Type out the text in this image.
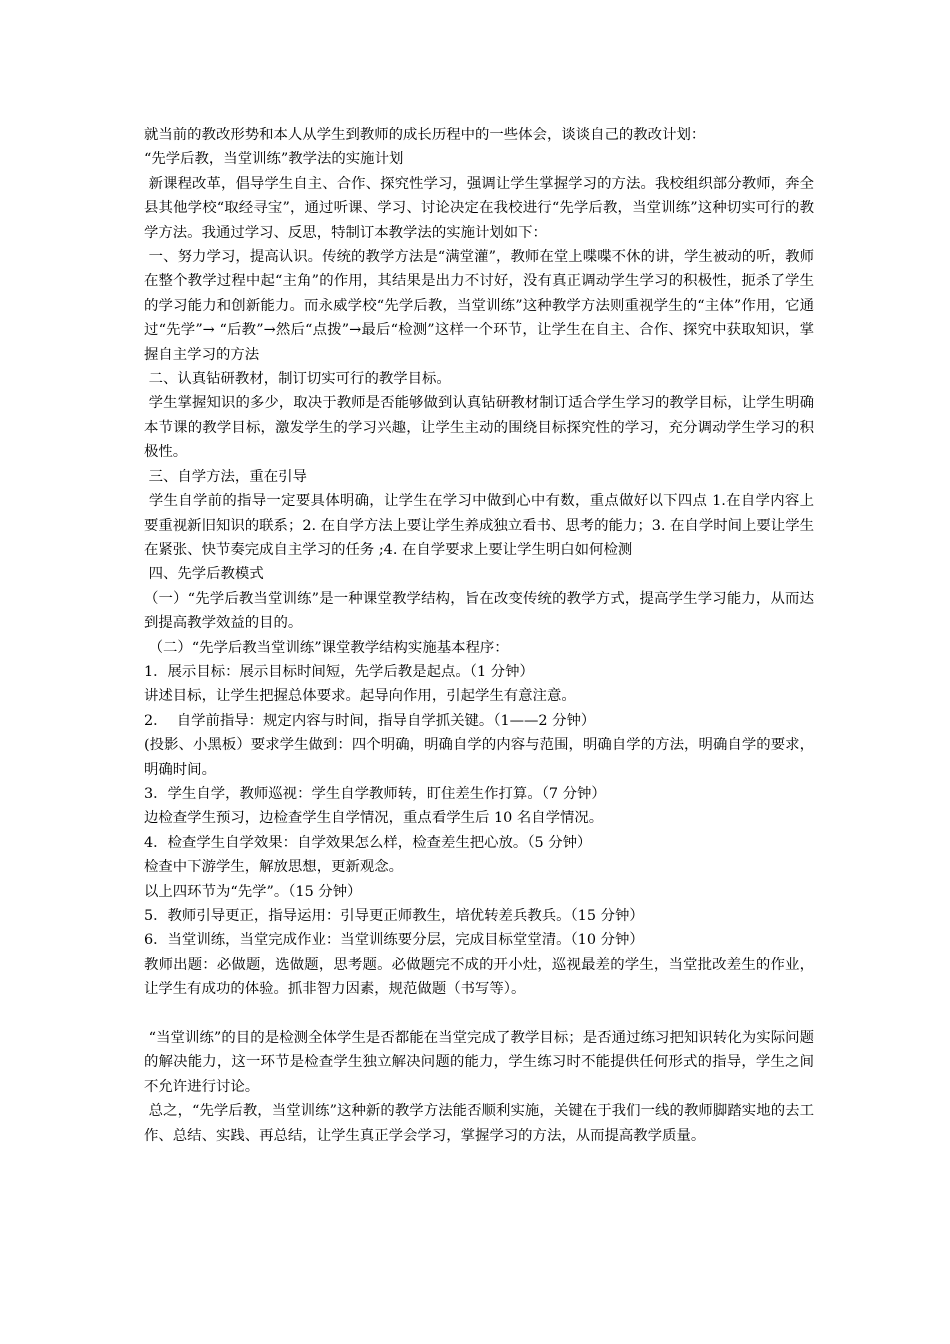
就当前的教改形势和本人从学生到教师的成长历程中的一些体会，谈谈自己的教改计划：

“先学后教，当堂训练”教学法的实施计划

新课程改革，倡导学生自主、合作、探究性学习，强调让学生掌握学习的方法。我校组织部分教师，奔全县其他学校“取经寻宝”，通过听课、学习、讨论决定在我校进行“先学后教，当堂训练”这种切实可行的教学方法。我通过学习、反思，特制订本教学法的实施计划如下：

一、努力学习，提高认识。传统的教学方法是“满堂灌”，教师在堂上喋喋不休的讲，学生被动的听，教师在整个教学过程中起“主角”的作用，其结果是出力不讨好，没有真正调动学生学习的积极性，扼杀了学生的学习能力和创新能力。而永威学校“先学后教，当堂训练”这种教学方法则重视学生的“主体”作用，它通过“先学”→ “后教”→然后“点拨”→最后“检测”这样一个环节，让学生在自主、合作、探究中获取知识，掌握自主学习的方法

二、认真钻研教材，制订切实可行的教学目标。

学生掌握知识的多少，取决于教师是否能够做到认真钻研教材制订适合学生学习的教学目标，让学生明确本节课的教学目标，激发学生的学习兴趣，让学生主动的围绕目标探究性的学习，充分调动学生学习的积极性。

三、自学方法，重在引导

学生自学前的指导一定要具体明确，让学生在学习中做到心中有数，重点做好以下四点 1.在自学内容上要重视新旧知识的联系；2. 在自学方法上要让学生养成独立看书、思考的能力；3. 在自学时间上要让学生在紧张、快节奏完成自主学习的任务 ;4. 在自学要求上要让学生明白如何检测

四、先学后教模式

（一）“先学后教当堂训练”是一种课堂教学结构，旨在改变传统的教学方式，提高学生学习能力，从而达到提高教学效益的目的。

（二）“先学后教当堂训练”课堂教学结构实施基本程序：

1．展示目标：展示目标时间短，先学后教是起点。（1 分钟）

讲述目标，让学生把握总体要求。起导向作用，引起学生有意注意。

2．  自学前指导：规定内容与时间，指导自学抓关键。（1——2 分钟）

(投影、小黑板）要求学生做到：四个明确，明确自学的内容与范围，明确自学的方法，明确自学的要求，明确时间。

3．学生自学，教师巡视：学生自学教师转，盯住差生作打算。（7 分钟）

边检查学生预习，边检查学生自学情况，重点看学生后 10 名自学情况。

4．检查学生自学效果：自学效果怎么样，检查差生把心放。（5 分钟）

检查中下游学生，解放思想，更新观念。

以上四环节为“先学”。（15 分钟）

5．教师引导更正，指导运用：引导更正师教生，培优转差兵教兵。（15 分钟）

6．当堂训练，当堂完成作业：当堂训练要分层，完成目标堂堂清。（10 分钟）

教师出题：必做题，选做题，思考题。必做题完不成的开小灶，巡视最差的学生，当堂批改差生的作业，让学生有成功的体验。抓非智力因素，规范做题（书写等）。

“当堂训练”的目的是检测全体学生是否都能在当堂完成了教学目标；是否通过练习把知识转化为实际问题的解决能力，这一环节是检查学生独立解决问题的能力，学生练习时不能提供任何形式的指导，学生之间不允许进行讨论。

总之，“先学后教，当堂训练”这种新的教学方法能否顺利实施，关键在于我们一线的教师脚踏实地的去工作、总结、实践、再总结，让学生真正学会学习，掌握学习的方法，从而提高教学质量。
